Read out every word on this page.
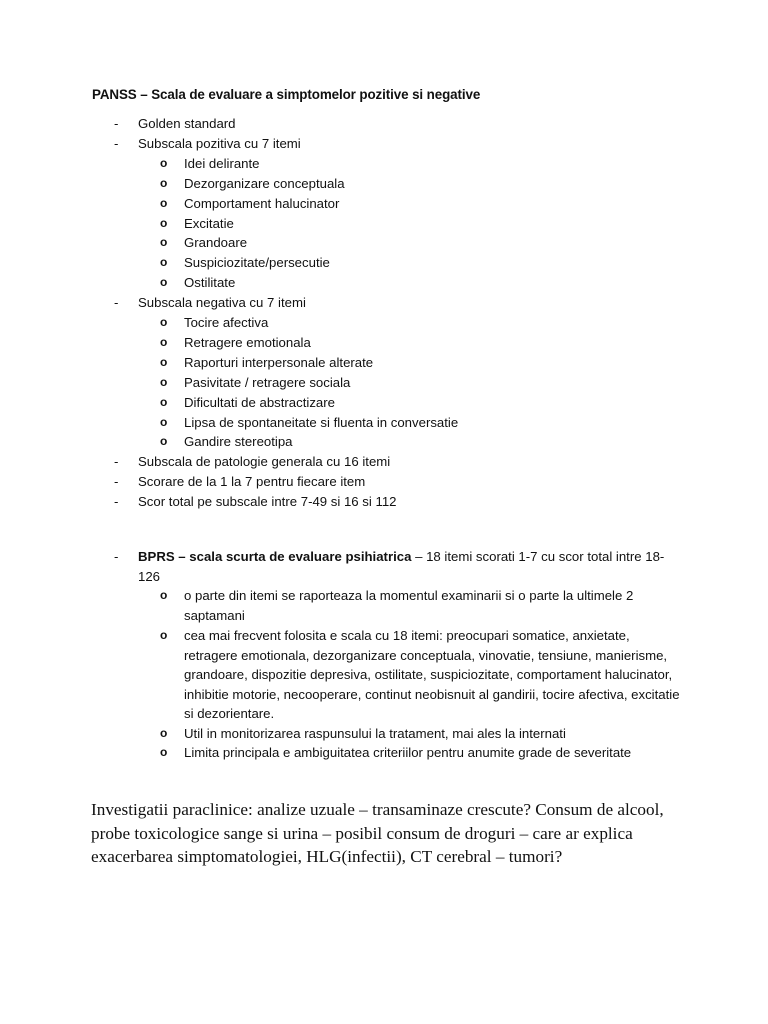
PANSS – Scala de evaluare a simptomelor pozitive si negative
- Golden standard
- Subscala pozitiva cu 7 itemi
o Idei delirante
o Dezorganizare conceptuala
o Comportament halucinator
o Excitatie
o Grandoare
o Suspiciozitate/persecutie
o Ostilitate
- Subscala negativa cu 7 itemi
o Tocire afectiva
o Retragere emotionala
o Raporturi interpersonale alterate
o Pasivitate / retragere sociala
o Dificultati de abstractizare
o Lipsa de spontaneitate si fluenta in conversatie
o Gandire stereotipa
- Subscala de patologie generala cu 16 itemi
- Scorare de la 1 la 7 pentru fiecare item
- Scor total pe subscale intre 7-49 si 16 si 112
- BPRS – scala scurta de evaluare psihiatrica – 18 itemi scorati 1-7 cu scor total intre 18-126
o o parte din itemi se raporteaza la momentul examinarii si o parte la ultimele 2 saptamani
o cea mai frecvent folosita e scala cu 18 itemi: preocupari somatice, anxietate, retragere emotionala, dezorganizare conceptuala, vinovatie, tensiune, manierisme, grandoare, dispozitie depresiva, ostilitate, suspiciozitate, comportament halucinator, inhibitie motorie, necooperare, continut neobisnuit al gandirii, tocire afectiva, excitatie si dezorientare.
o Util in monitorizarea raspunsului la tratament, mai ales la internati
o Limita principala e ambiguitatea criteriilor pentru anumite grade de severitate
Investigatii paraclinice: analize uzuale – transaminaze crescute? Consum de alcool, probe toxicologice sange si urina – posibil consum de droguri – care ar explica exacerbarea simptomatologiei, HLG(infectii), CT cerebral – tumori?
